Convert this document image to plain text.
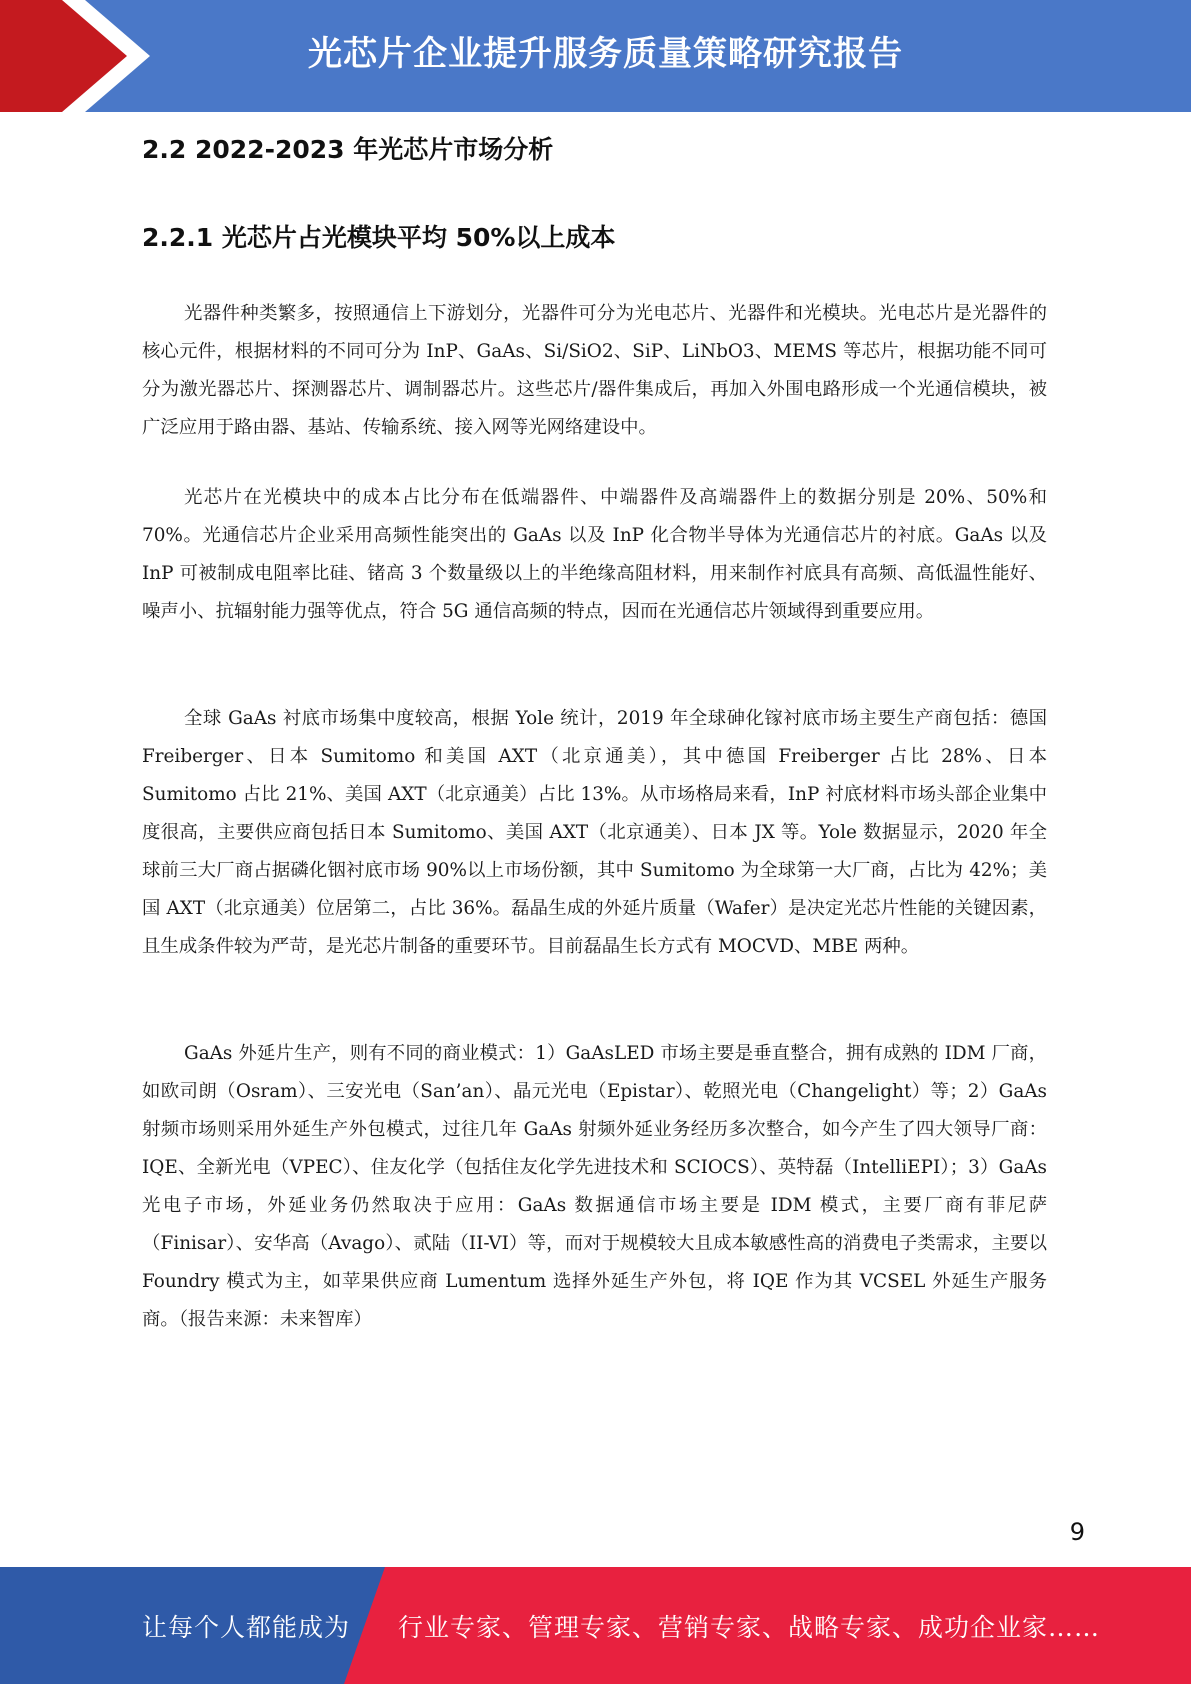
光芯片企业提升服务质量策略研究报告
2.2 2022-2023 年光芯片市场分析
2.2.1 光芯片占光模块平均 50%以上成本

光器件种类繁多，按照通信上下游划分，光器件可分为光电芯片、光器件和光模块。光电芯片是光器件的核心元件，根据材料的不同可分为 InP、GaAs、Si/SiO2、SiP、LiNbO3、MEMS 等芯片，根据功能不同可分为激光器芯片、探测器芯片、调制器芯片。这些芯片/器件集成后，再加入外围电路形成一个光通信模块，被广泛应用于路由器、基站、传输系统、接入网等光网络建设中。

光芯片在光模块中的成本占比分布在低端器件、中端器件及高端器件上的数据分别是 20%、50%和 70%。光通信芯片企业采用高频性能突出的 GaAs 以及 InP 化合物半导体为光通信芯片的衬底。GaAs 以及 InP 可被制成电阻率比硅、锗高 3 个数量级以上的半绝缘高阻材料，用来制作衬底具有高频、高低温性能好、噪声小、抗辐射能力强等优点，符合 5G 通信高频的特点，因而在光通信芯片领域得到重要应用。

全球 GaAs 衬底市场集中度较高，根据 Yole 统计，2019 年全球砷化镓衬底市场主要生产商包括：德国 Freiberger、日本 Sumitomo 和美国 AXT（北京通美），其中德国 Freiberger 占比 28%、日本 Sumitomo 占比 21%、美国 AXT（北京通美）占比 13%。从市场格局来看，InP 衬底材料市场头部企业集中度很高，主要供应商包括日本 Sumitomo、美国 AXT（北京通美）、日本 JX 等。Yole 数据显示，2020 年全球前三大厂商占据磷化铟衬底市场 90%以上市场份额，其中 Sumitomo 为全球第一大厂商，占比为 42%；美国 AXT（北京通美）位居第二，占比 36%。磊晶生成的外延片质量（Wafer）是决定光芯片性能的关键因素，且生成条件较为严苛，是光芯片制备的重要环节。目前磊晶生长方式有 MOCVD、MBE 两种。

GaAs 外延片生产，则有不同的商业模式：1）GaAsLED 市场主要是垂直整合，拥有成熟的 IDM 厂商，如欧司朗（Osram）、三安光电（San’an）、晶元光电（Epistar）、乾照光电（Changelight）等；2）GaAs 射频市场则采用外延生产外包模式，过往几年 GaAs 射频外延业务经历多次整合，如今产生了四大领导厂商：IQE、全新光电（VPEC）、住友化学（包括住友化学先进技术和 SCIOCS）、英特磊（IntelliEPI）；3）GaAs 光电子市场，外延业务仍然取决于应用：GaAs 数据通信市场主要是 IDM 模式，主要厂商有菲尼萨（Finisar）、安华高（Avago）、贰陆（II-VI）等，而对于规模较大且成本敏感性高的消费电子类需求，主要以 Foundry 模式为主，如苹果供应商 Lumentum 选择外延生产外包，将 IQE 作为其 VCSEL 外延生产服务商。（报告来源：未来智库）

9
让每个人都能成为 行业专家、管理专家、营销专家、战略专家、成功企业家……
